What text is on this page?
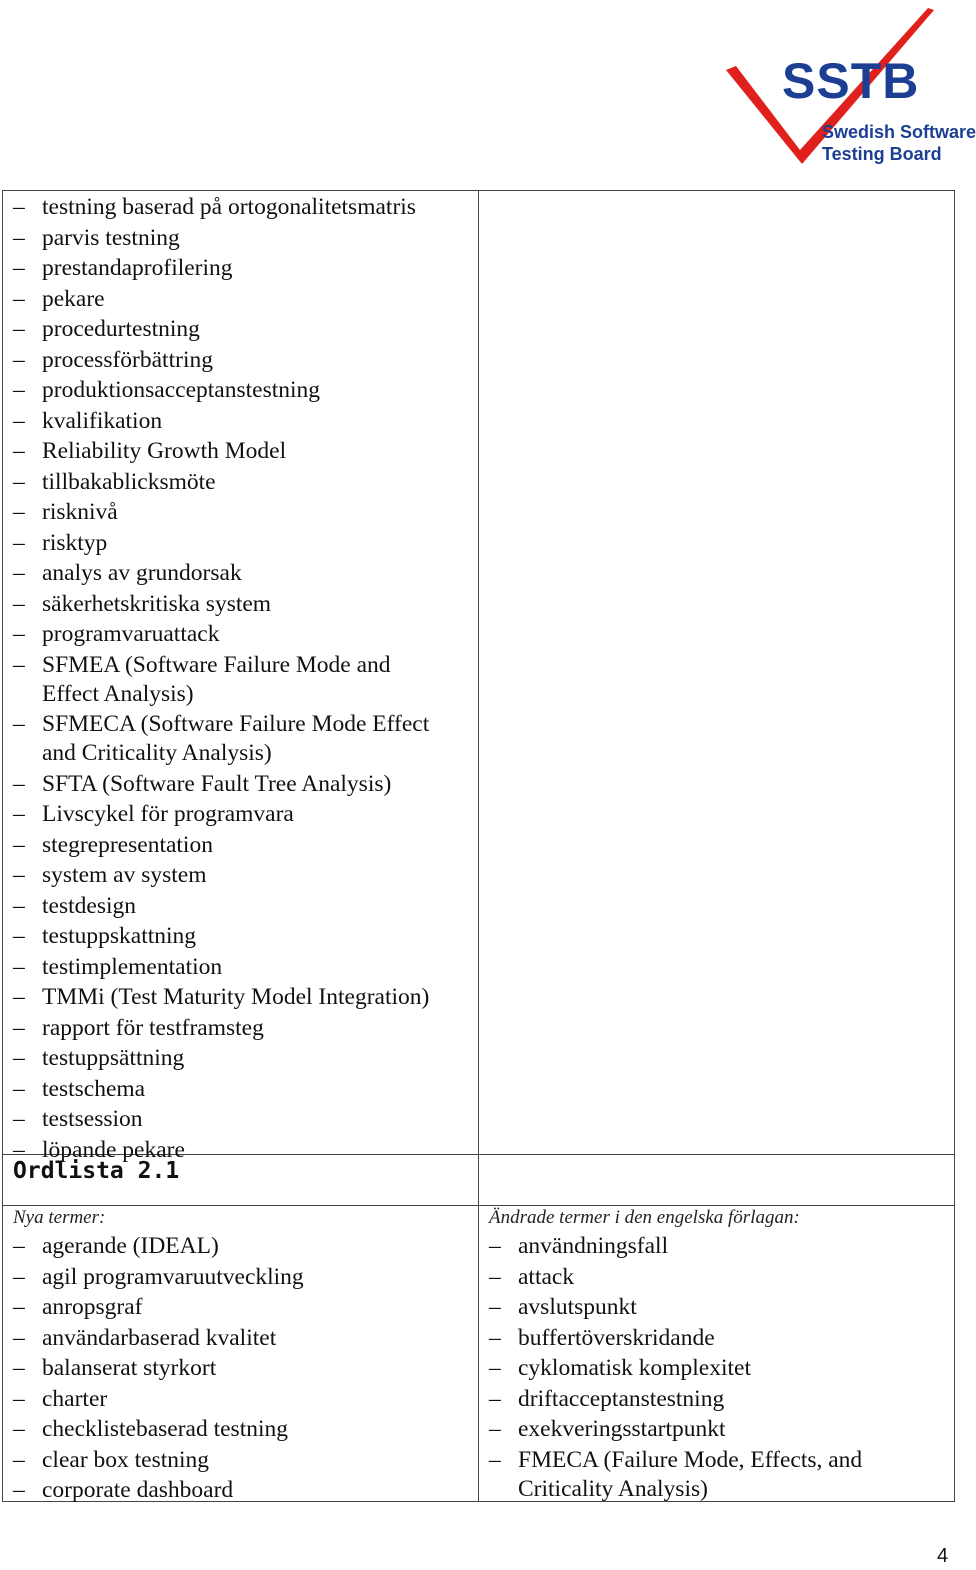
SSTB

Swedish Software

Testing Board

– testning baserad på ortogonalitetsmatris
– parvis testning
– prestandaprofilering
– pekare
– procedurtestning
– processförbättring
– produktionsacceptanstestning
– kvalifikation
– Reliability Growth Model
– tillbakablicksmöte
– risknivå
– risktyp
– analys av grundorsak
– säkerhetskritiska system
– programvaruattack
– SFMEA (Software Failure Mode and Effect Analysis)
– SFMECA (Software Failure Mode Effect and Criticality Analysis)
– SFTA (Software Fault Tree Analysis)
– Livscykel för programvara
– stegrepresentation
– system av system
– testdesign
– testuppskattning
– testimplementation
– TMMi (Test Maturity Model Integration)
– rapport för testframsteg
– testuppsättning
– testschema
– testsession
– löpande pekare

Ordlista 2.1

Nya termer:	Ändrade termer i den engelska förlagan:

– agerande (IDEAL)
– agil programvaruutveckling
– anropsgraf
– användarbaserad kvalitet
– balanserat styrkort
– charter
– checklistebaserad testning
– clear box testning
– corporate dashboard
– användningsfall
– attack
– avslutspunkt
– buffertöverskridande
– cyklomatisk komplexitet
– driftacceptanstestning
– exekveringsstartpunkt
– FMECA (Failure Mode, Effects, and Criticality Analysis)

4
